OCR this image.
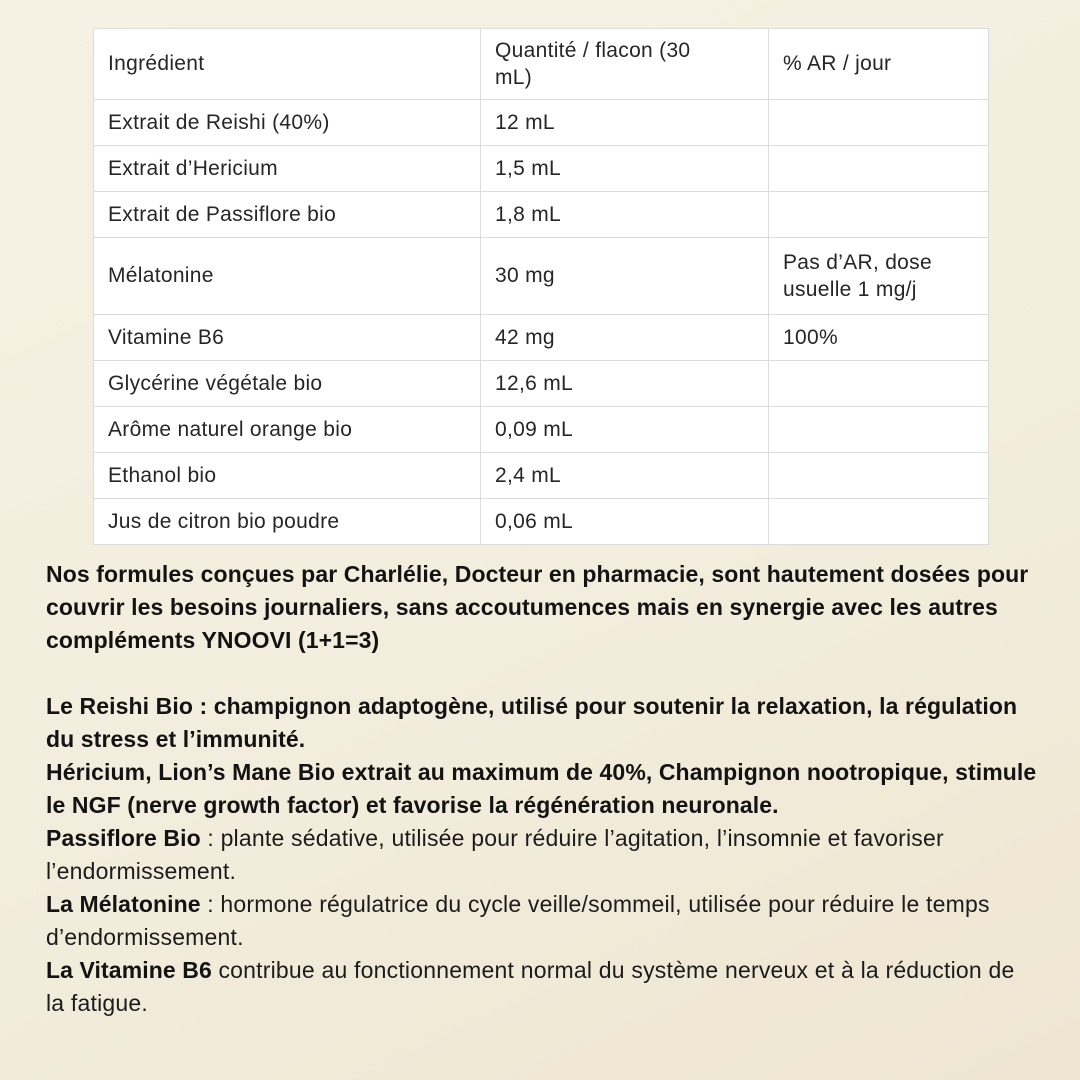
Ingrédient	Quantité / flacon (30 mL)	% AR / jour
Extrait de Reishi (40%)	12 mL	
Extrait d’Hericium	1,5 mL	
Extrait de Passiflore bio	1,8 mL	
Mélatonine	30 mg	Pas d’AR, dose usuelle 1 mg/j
Vitamine B6	42 mg	100%
Glycérine végétale bio	12,6 mL	
Arôme naturel orange bio	0,09 mL	
Ethanol bio	2,4 mL	
Jus de citron bio poudre	0,06 mL	

Nos formules conçues par Charlélie, Docteur en pharmacie, sont hautement dosées pour couvrir les besoins journaliers, sans accoutumences mais en synergie avec les autres compléments YNOOVI (1+1=3)

Le Reishi Bio : champignon adaptogène, utilisé pour soutenir la relaxation, la régulation du stress et l’immunité.

Héricium, Lion’s Mane Bio extrait au maximum de 40%, Champignon nootropique, stimule le NGF (nerve growth factor) et favorise la régénération neuronale.

Passiflore Bio : plante sédative, utilisée pour réduire l’agitation, l’insomnie et favoriser l’endormissement.

La Mélatonine : hormone régulatrice du cycle veille/sommeil, utilisée pour réduire le temps d’endormissement.

La Vitamine B6 contribue au fonctionnement normal du système nerveux et à la réduction de la fatigue.
